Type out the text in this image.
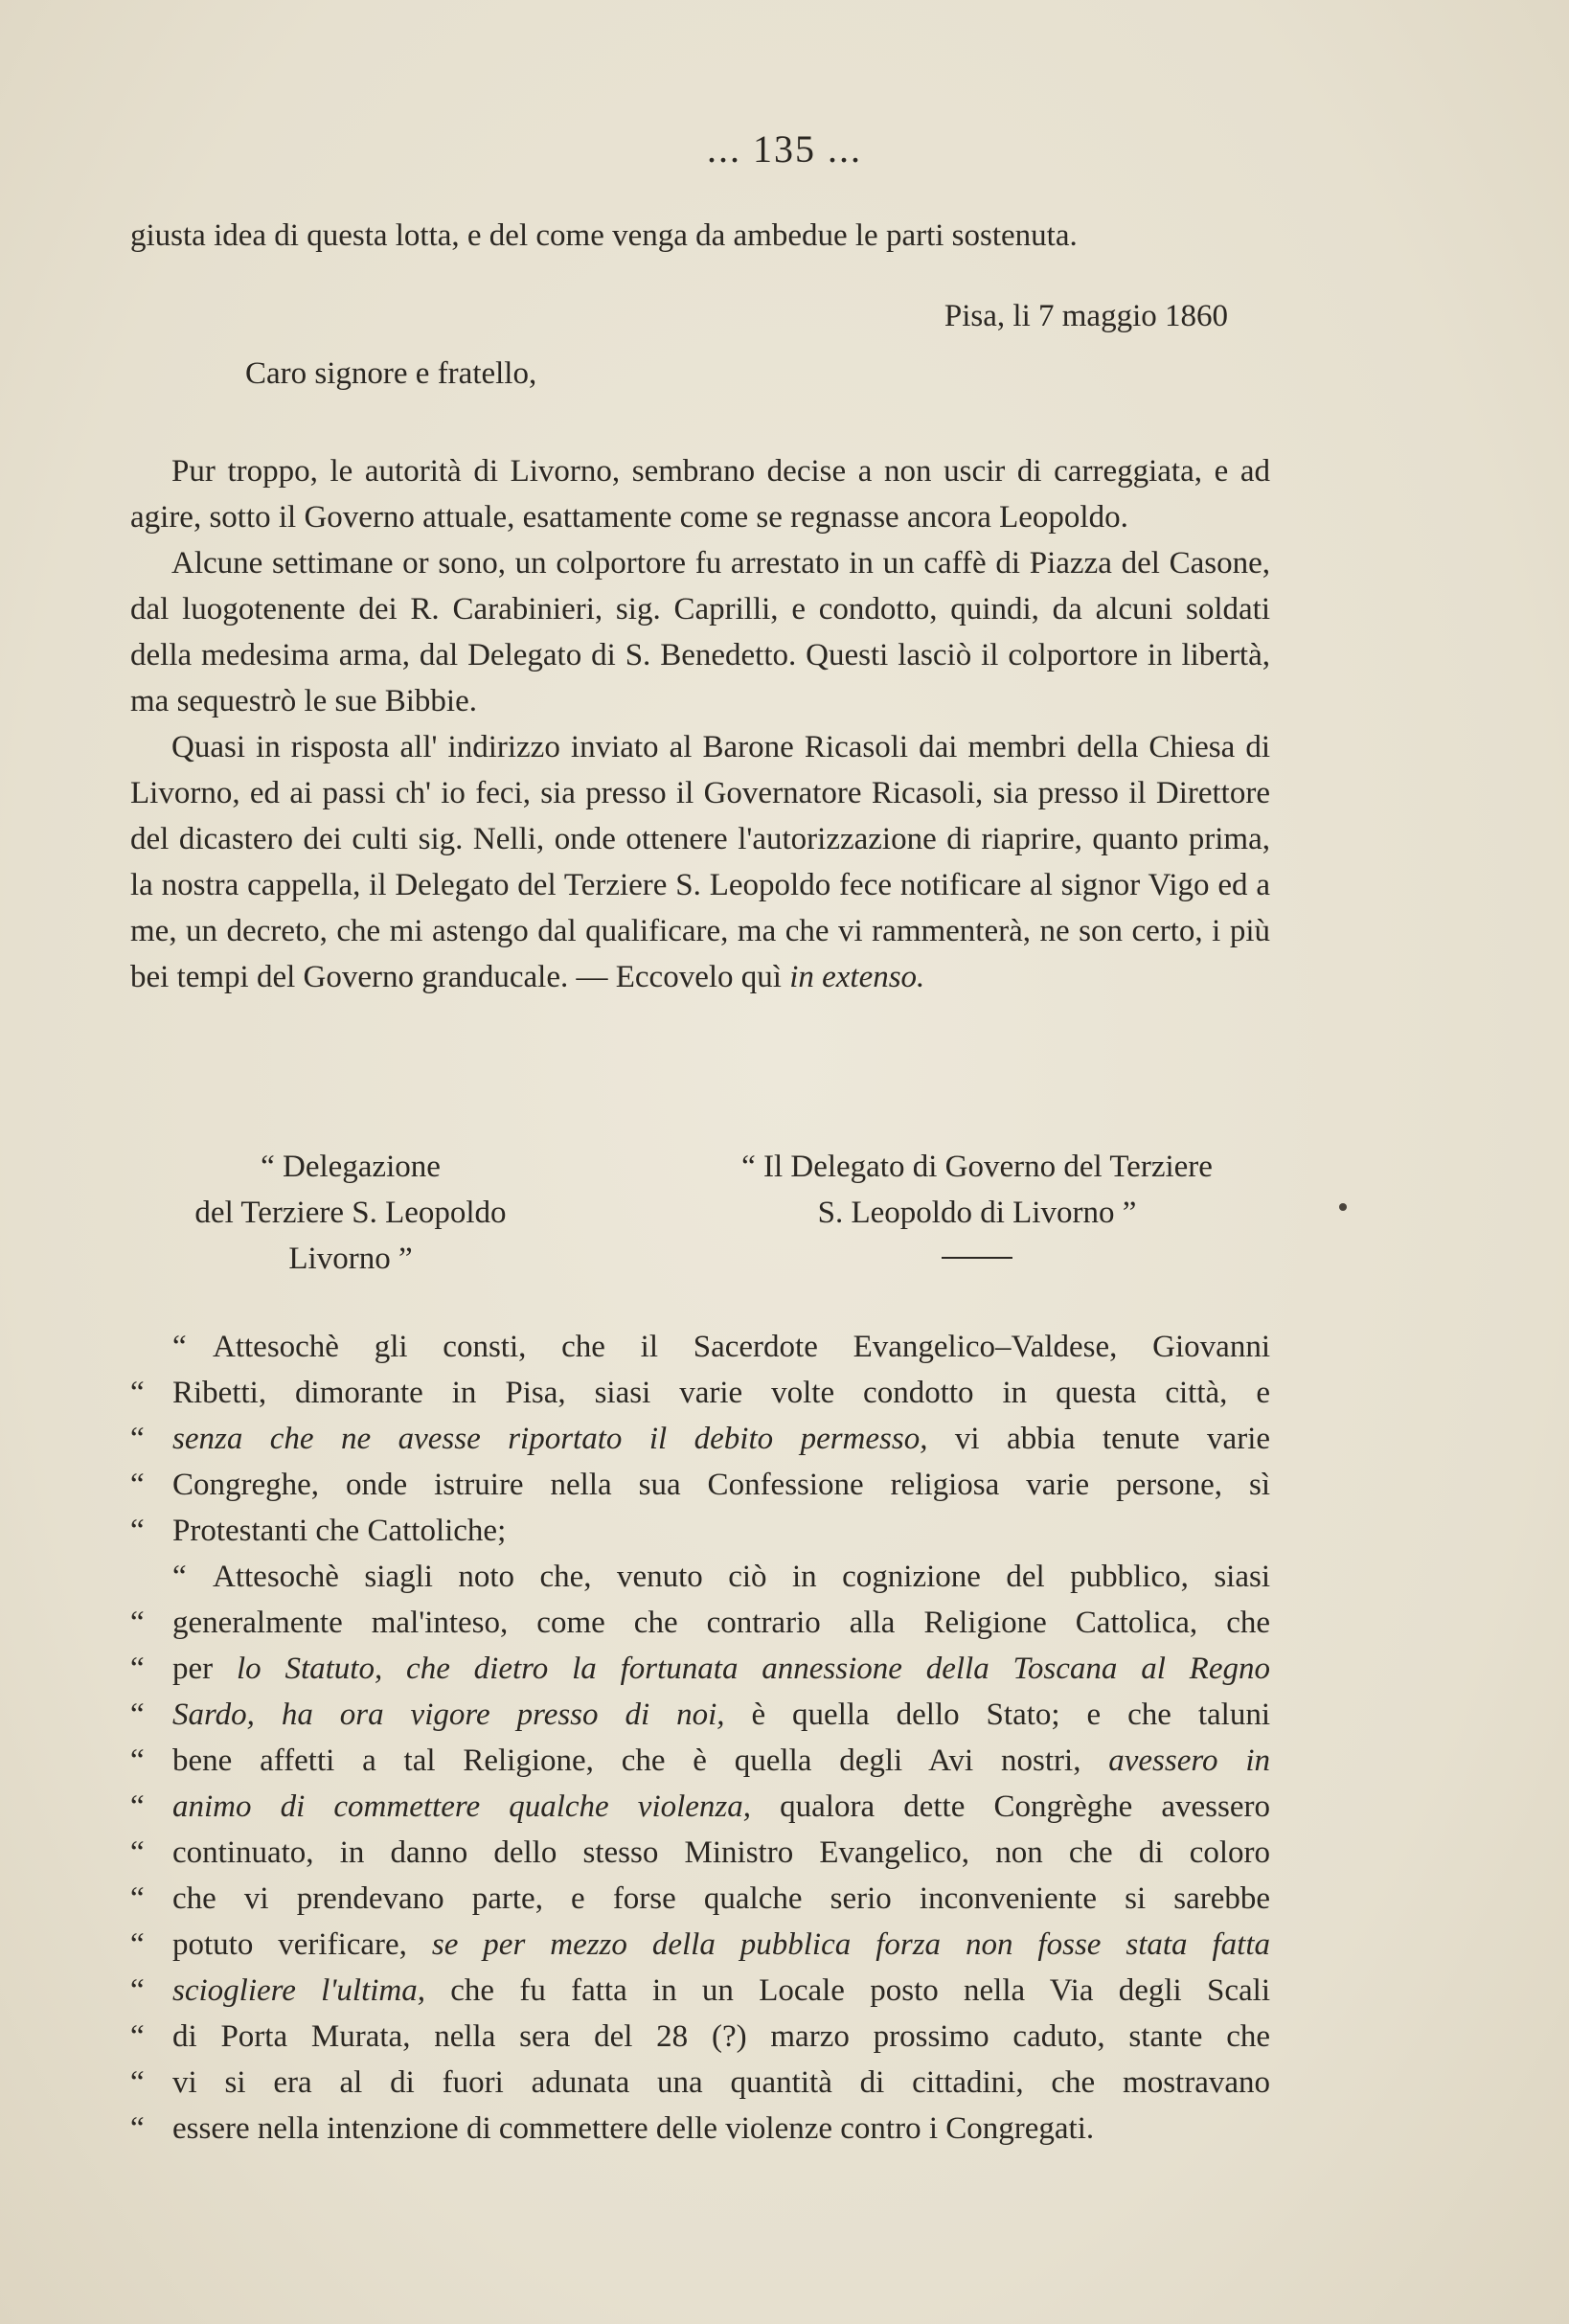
... 135 ...

giusta idea di questa lotta, e del come venga da ambedue le parti sostenuta.

Pisa, li 7 maggio 1860
Caro signore e fratello,

Pur troppo, le autorità di Livorno, sembrano decise a non uscir di carreggiata, e ad agire, sotto il Governo attuale, esattamente come se regnasse ancora Leopoldo.

Alcune settimane or sono, un colportore fu arrestato in un caffè di Piazza del Casone, dal luogotenente dei R. Carabinieri, sig. Caprilli, e condotto, quindi, da alcuni soldati della medesima arma, dal Delegato di S. Benedetto. Questi lasciò il colportore in libertà, ma sequestrò le sue Bibbie.

Quasi in risposta all' indirizzo inviato al Barone Ricasoli dai membri della Chiesa di Livorno, ed ai passi ch' io feci, sia presso il Governatore Ricasoli, sia presso il Direttore del dicastero dei culti sig. Nelli, onde ottenere l'autorizzazione di riaprire, quanto prima, la nostra cappella, il Delegato del Terziere S. Leopoldo fece notificare al signor Vigo ed a me, un decreto, che mi astengo dal qualificare, ma che vi rammenterà, ne son certo, i più bei tempi del Governo granducale. — Eccovelo quì in extenso.

“ Delegazione
del Terziere S. Leopoldo
Livorno ”
“ Il Delegato di Governo del Terziere
S. Leopoldo di Livorno ”
“ Attesochè gli consti, che il Sacerdote Evangelico–Valdese, Giovanni
“ Ribetti, dimorante in Pisa, siasi varie volte condotto in questa città, e
“ senza che ne avesse riportato il debito permesso, vi abbia tenute varie
“ Congreghe, onde istruire nella sua Confessione religiosa varie persone, sì
“ Protestanti che Cattoliche;
“ Attesochè siagli noto che, venuto ciò in cognizione del pubblico, siasi
“ generalmente mal'inteso, come che contrario alla Religione Cattolica, che
“ per lo Statuto, che dietro la fortunata annessione della Toscana al Regno
“ Sardo, ha ora vigore presso di noi, è quella dello Stato; e che taluni
“ bene affetti a tal Religione, che è quella degli Avi nostri, avessero in
“ animo di commettere qualche violenza, qualora dette Congrèghe avessero
“ continuato, in danno dello stesso Ministro Evangelico, non che di coloro
“ che vi prendevano parte, e forse qualche serio inconveniente si sarebbe
“ potuto verificare, se per mezzo della pubblica forza non fosse stata fatta
“ sciogliere l'ultima, che fu fatta in un Locale posto nella Via degli Scali
“ di Porta Murata, nella sera del 28 (?) marzo prossimo caduto, stante che
“ vi si era al di fuori adunata una quantità di cittadini, che mostravano
“ essere nella intenzione di commettere delle violenze contro i Congregati.
